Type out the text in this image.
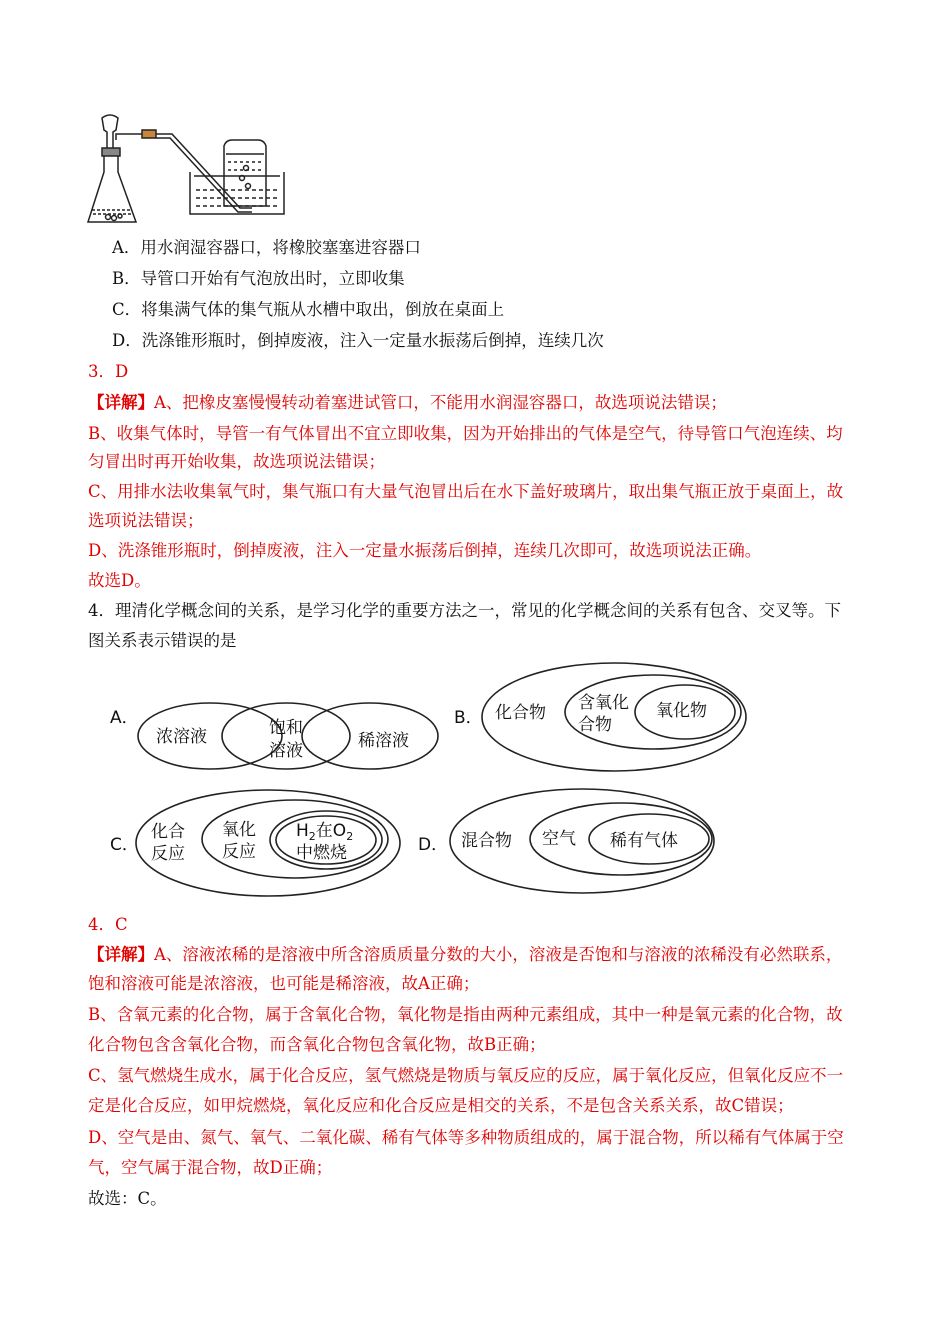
A．用水润湿容器口，将橡胶塞塞进容器口
B．导管口开始有气泡放出时，立即收集
C．将集满气体的集气瓶从水槽中取出，倒放在桌面上
D．洗涤锥形瓶时，倒掉废液，注入一定量水振荡后倒掉，连续几次
3．D
【详解】A、把橡皮塞慢慢转动着塞进试管口，不能用水润湿容器口，故选项说法错误；
B、收集气体时，导管一有气体冒出不宜立即收集，因为开始排出的气体是空气，待导管口气泡连续、均
匀冒出时再开始收集，故选项说法错误；
C、用排水法收集氧气时，集气瓶口有大量气泡冒出后在水下盖好玻璃片，取出集气瓶正放于桌面上，故
选项说法错误；
D、洗涤锥形瓶时，倒掉废液，注入一定量水振荡后倒掉，连续几次即可，故选项说法正确。
故选D。
4．理清化学概念间的关系，是学习化学的重要方法之一，常见的化学概念间的关系有包含、交叉等。下
图关系表示错误的是
A．
浓溶液	饱和
溶液	稀溶液
B． 化合物 含氧化
合物
氧化物
C．
化合
反应
氧化
反应
$H_2$在$O_2$
中燃烧	D． 混合物 空气 稀有气体
4．C
【详解】A、溶液浓稀的是溶液中所含溶质质量分数的大小，溶液是否饱和与溶液的浓稀没有必然联系，
饱和溶液可能是浓溶液，也可能是稀溶液，故A正确；
B、含氧元素的化合物，属于含氧化合物，氧化物是指由两种元素组成，其中一种是氧元素的化合物，故
化合物包含含氧化合物，而含氧化合物包含氧化物，故B正确；
C、氢气燃烧生成水，属于化合反应，氢气燃烧是物质与氧反应的反应，属于氧化反应，但氧化反应不一
定是化合反应，如甲烷燃烧，氧化反应和化合反应是相交的关系，不是包含关系关系，故C错误；
D、空气是由、氮气、氧气、二氧化碳、稀有气体等多种物质组成的，属于混合物，所以稀有气体属于空
气，空气属于混合物，故D正确；
故选：C。
